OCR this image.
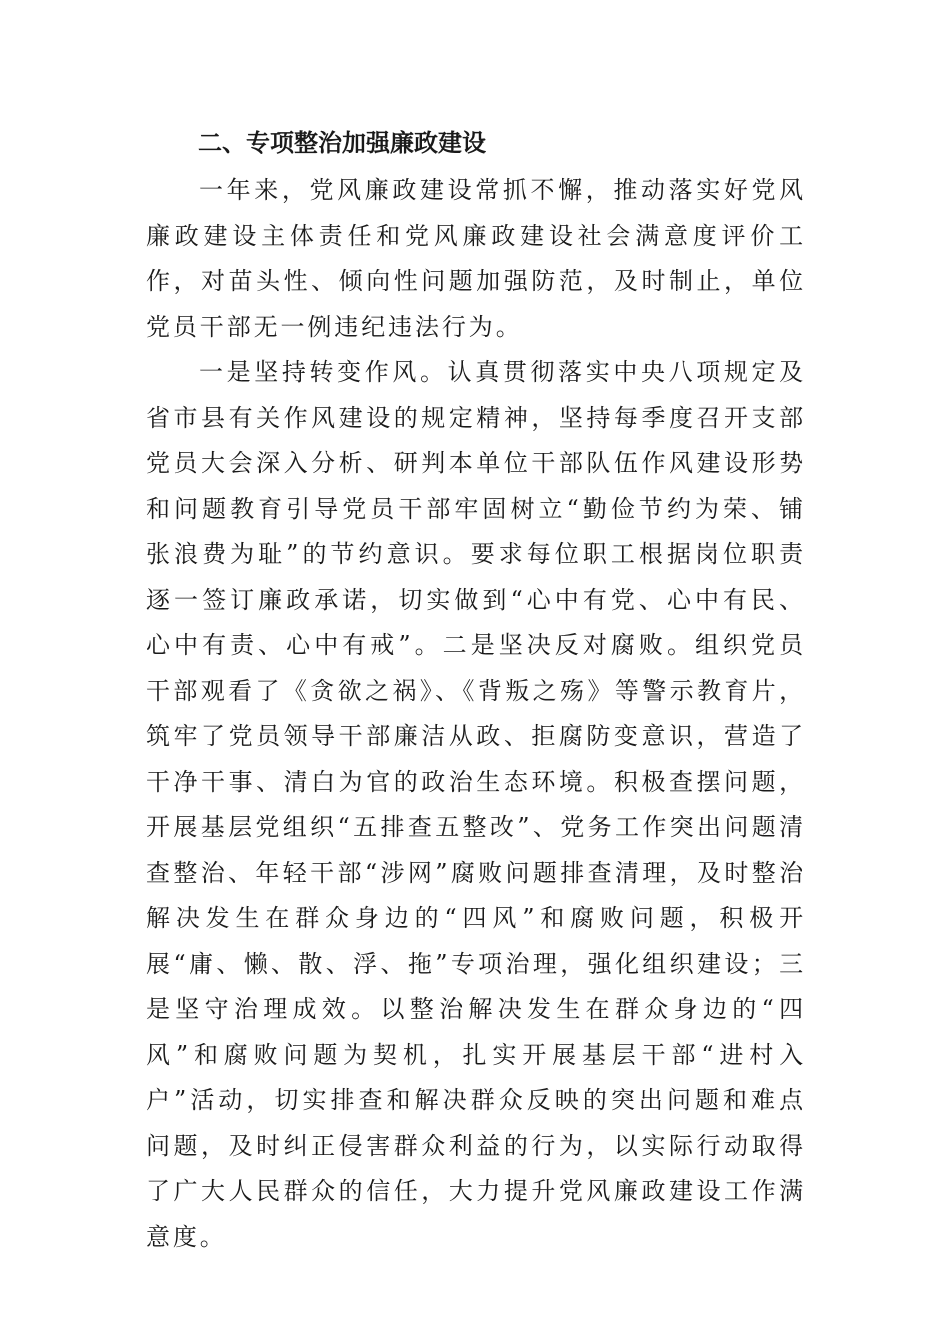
二、专项整治加强廉政建设

一年来，党风廉政建设常抓不懈，推动落实好党风廉政建设主体责任和党风廉政建设社会满意度评价工作，对苗头性、倾向性问题加强防范，及时制止，单位党员干部无一例违纪违法行为。

一是坚持转变作风。认真贯彻落实中央八项规定及省市县有关作风建设的规定精神，坚持每季度召开支部党员大会深入分析、研判本单位干部队伍作风建设形势和问题教育引导党员干部牢固树立“勤俭节约为荣、铺张浪费为耻”的节约意识。要求每位职工根据岗位职责逐一签订廉政承诺，切实做到“心中有党、心中有民、心中有责、心中有戒”。二是坚决反对腐败。组织党员干部观看了《贪欲之祸》、《背叛之殇》等警示教育片，筑牢了党员领导干部廉洁从政、拒腐防变意识，营造了干净干事、清白为官的政治生态环境。积极查摆问题，开展基层党组织“五排查五整改”、党务工作突出问题清查整治、年轻干部“涉网”腐败问题排查清理，及时整治解决发生在群众身边的“四风”和腐败问题，积极开展“庸、懒、散、浮、拖”专项治理，强化组织建设；三是坚守治理成效。以整治解决发生在群众身边的“四风”和腐败问题为契机，扎实开展基层干部“进村入户”活动，切实排查和解决群众反映的突出问题和难点问题，及时纠正侵害群众利益的行为，以实际行动取得了广大人民群众的信任，大力提升党风廉政建设工作满意度。
